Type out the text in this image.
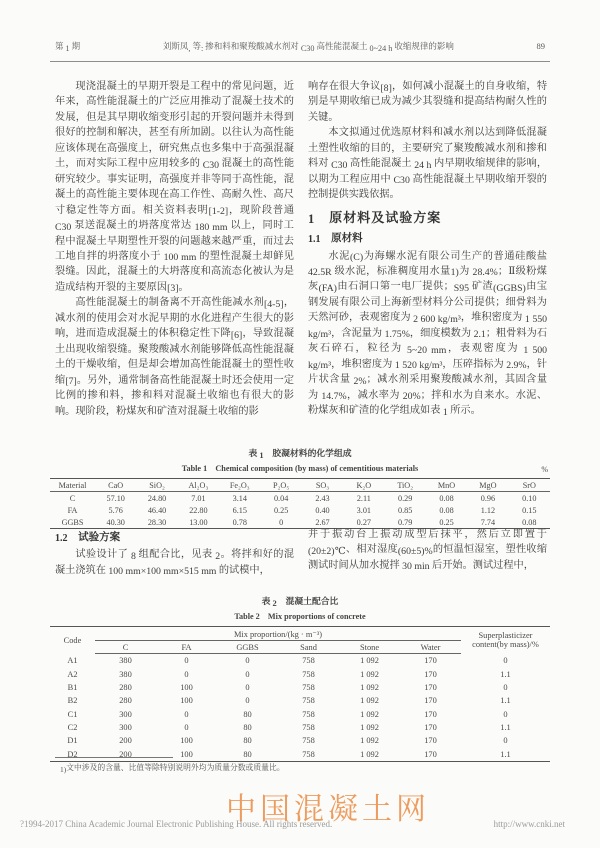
第 1 期	刘斯凤, 等: 掺和料和聚羧酸减水剂对 C30 高性能混凝土 0~24 h 收缩规律的影响	89

现浇混凝土的早期开裂是工程中的常见问题，近年来，高性能混凝土的广泛应用推动了混凝土技术的发展，但是其早期收缩变形引起的开裂问题并未得到很好的控制和解决，甚至有所加剧。以往认为高性能应该体现在高强度上，研究焦点也多集中于高强混凝土，而对实际工程中应用较多的 C30 混凝土的高性能研究较少。事实证明，高强度并非等同于高性能，混凝土的高性能主要体现在高工作性、高耐久性、高尺寸稳定性等方面。相关资料表明[1-2]，现阶段普通 C30 泵送混凝土的坍落度常达 180 mm 以上，同时工程中混凝土早期塑性开裂的问题越来越严重，而过去工地自拌的坍落度小于 100 mm 的塑性混凝土却鲜见裂缝。因此，混凝土的大坍落度和高流态化被认为是造成结构开裂的主要原因[3]。

高性能混凝土的制备离不开高性能减水剂[4-5]，减水剂的使用会对水泥早期的水化进程产生很大的影响，进而造成混凝土的体积稳定性下降[6]，导致混凝土出现收缩裂缝。聚羧酸减水剂能够降低高性能混凝土的干燥收缩，但是却会增加高性能混凝土的塑性收缩[7]。另外，通常制备高性能混凝土时还会使用一定比例的掺和料，掺和料对混凝土收缩也有很大的影响。现阶段，粉煤灰和矿渣对混凝土收缩的影

响存在很大争议[8]，如何减小混凝土的自身收缩，特别是早期收缩已成为减少其裂缝和提高结构耐久性的关键。

本文拟通过优选原材料和减水剂以达到降低混凝土塑性收缩的目的，主要研究了聚羧酸减水剂和掺和料对 C30 高性能混凝土 24 h 内早期收缩规律的影响，以期为工程应用中 C30 高性能混凝土早期收缩开裂的控制提供实践依据。

1　原材料及试验方案
1.1　原材料

水泥(C)为海螺水泥有限公司生产的普通硅酸盐 42.5R 级水泥，标准稠度用水量1)为 28.4%；Ⅱ级粉煤灰(FA)由石洞口第一电厂提供；S95 矿渣(GGBS)由宝钢发展有限公司上海新型材料分公司提供；细骨料为天然河砂，表观密度为 2 600 kg/m³，堆积密度为 1 550 kg/m³，含泥量为 1.75%，细度模数为 2.1；粗骨料为石灰石碎石，粒径为 5~20 mm，表观密度为 1 500 kg/m³，堆积密度为 1 520 kg/m³，压碎指标为 2.9%，针片状含量 2%；减水剂采用聚羧酸减水剂，其固含量为 14.7%，减水率为 20%；拌和水为自来水。水泥、粉煤灰和矿渣的化学组成如表 1 所示。

表 1　胶凝材料的化学组成
Table 1　Chemical composition (by mass) of cementitious materials	%
Material	CaO	SiO₂	Al₂O₃	Fe₂O₃	P₂O₅	SO₃	K₂O	TiO₂	MnO	MgO	SrO
C	57.10	24.80	7.01	3.14	0.04	2.43	2.11	0.29	0.08	0.96	0.10
FA	5.76	46.40	22.80	6.15	0.25	0.40	3.01	0.85	0.08	1.12	0.15
GGBS	40.30	28.30	13.00	0.78	0	2.67	0.27	0.79	0.25	7.74	0.08
1.2　试验方案

试验设计了 8 组配合比，见表 2。将拌和好的混凝土浇筑在 100 mm×100 mm×515 mm 的试模中，

并于振动台上振动成型后抹平，然后立即置于(20±2)℃、相对湿度(60±5)%的恒温恒湿室，塑性收缩测试时间从加水搅拌 30 min 后开始。测试过程中，

表 2　混凝土配合比
Table 2　Mix proportions of concrete
Code	Mix proportion/(kg · m⁻³)						Superplasticizer content(by mass)/%
	C	FA	GGBS	Sand	Stone	Water	
A1	380	0	0	758	1 092	170	0
A2	380	0	0	758	1 092	170	1.1
B1	280	100	0	758	1 092	170	0
B2	280	100	0	758	1 092	170	1.1
C1	300	0	80	758	1 092	170	0
C2	300	0	80	758	1 092	170	1.1
D1	200	100	80	758	1 092	170	0
D2	200	100	80	758	1 092	170	1.1
1)文中涉及的含量、比值等除特别说明外均为质量分数或质量比。
中国混凝土网
?1994-2017 China Academic Journal Electronic Publishing House. All rights reserved.	http://www.cnki.net
